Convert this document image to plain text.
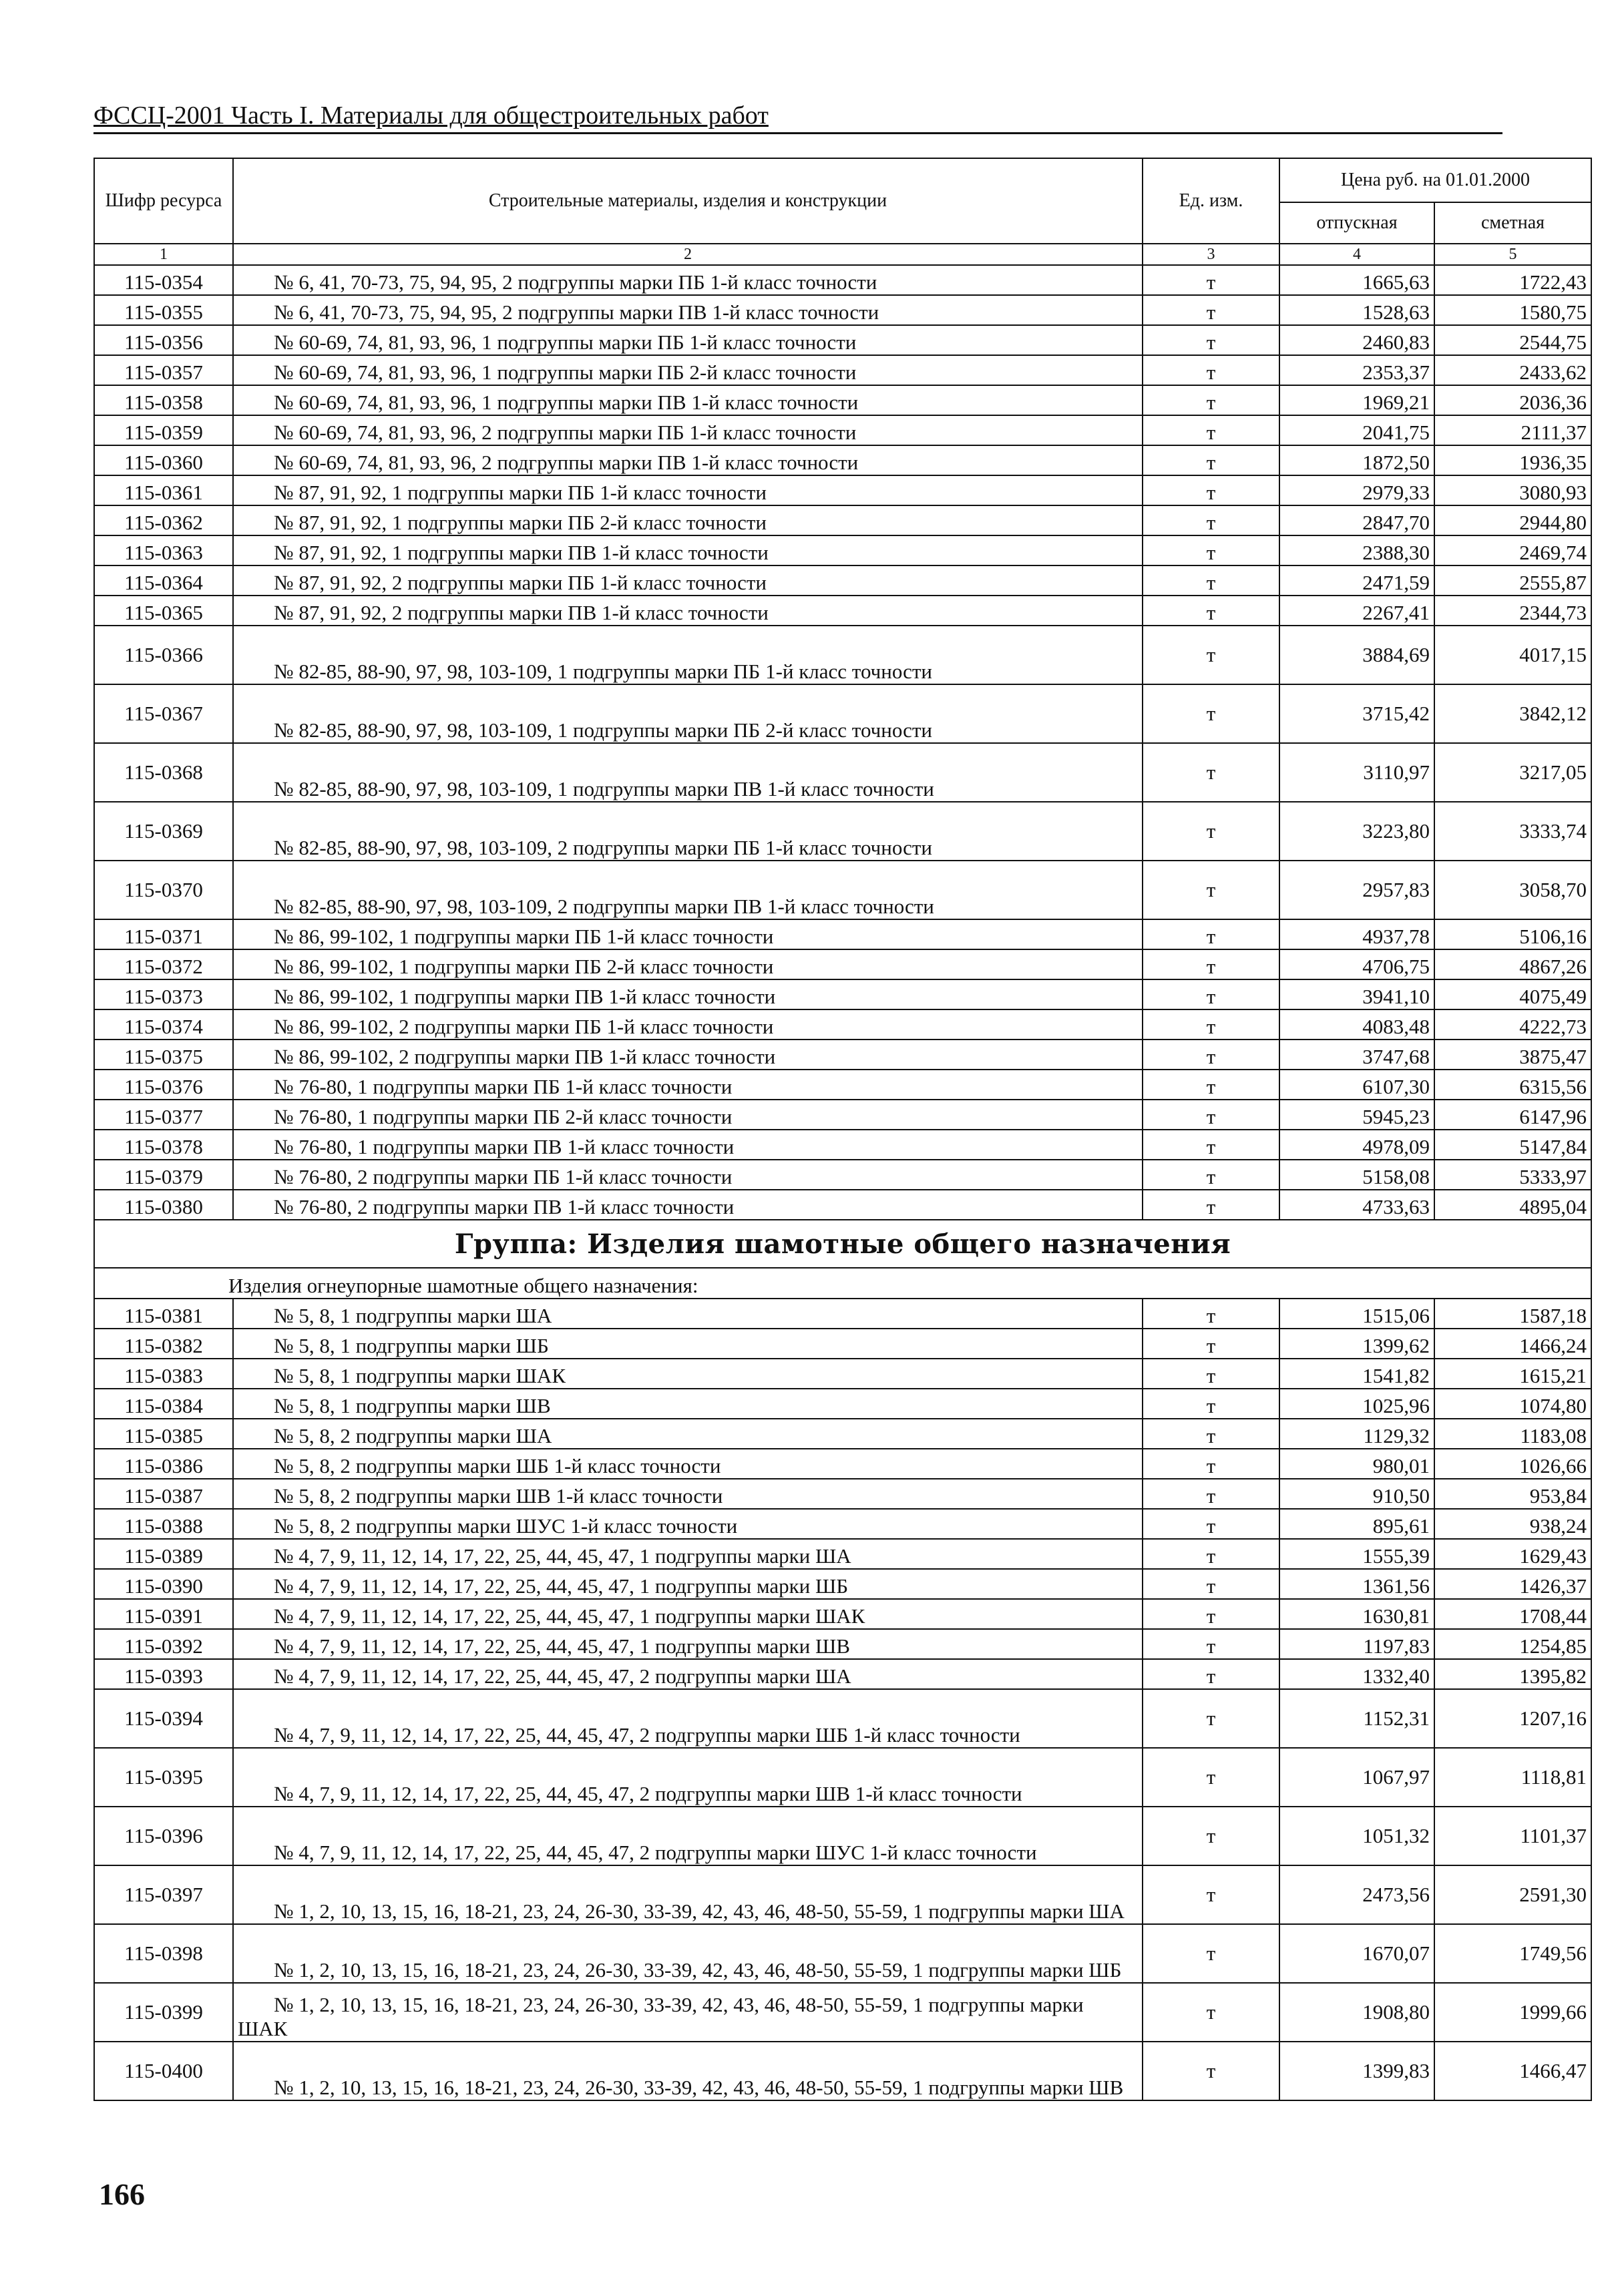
ФССЦ-2001 Часть I. Материалы для общестроительных работ
Шифр ресурса	Строительные материалы, изделия и конструкции	Ед. изм.	Цена руб. на 01.01.2000	
			отпускная	сметная
1	2	3	4	5
115-0354	№ 6, 41, 70-73, 75, 94, 95, 2 подгруппы марки ПБ 1-й класс точности	т	1665,63	1722,43
115-0355	№ 6, 41, 70-73, 75, 94, 95, 2 подгруппы марки ПВ 1-й класс точности	т	1528,63	1580,75
115-0356	№ 60-69, 74, 81, 93, 96, 1 подгруппы марки ПБ 1-й класс точности	т	2460,83	2544,75
115-0357	№ 60-69, 74, 81, 93, 96, 1 подгруппы марки ПБ 2-й класс точности	т	2353,37	2433,62
115-0358	№ 60-69, 74, 81, 93, 96, 1 подгруппы марки ПВ 1-й класс точности	т	1969,21	2036,36
115-0359	№ 60-69, 74, 81, 93, 96, 2 подгруппы марки ПБ 1-й класс точности	т	2041,75	2111,37
115-0360	№ 60-69, 74, 81, 93, 96, 2 подгруппы марки ПВ 1-й класс точности	т	1872,50	1936,35
115-0361	№ 87, 91, 92, 1 подгруппы марки ПБ 1-й класс точности	т	2979,33	3080,93
115-0362	№ 87, 91, 92, 1 подгруппы марки ПБ 2-й класс точности	т	2847,70	2944,80
115-0363	№ 87, 91, 92, 1 подгруппы марки ПВ 1-й класс точности	т	2388,30	2469,74
115-0364	№ 87, 91, 92, 2 подгруппы марки ПБ 1-й класс точности	т	2471,59	2555,87
115-0365	№ 87, 91, 92, 2 подгруппы марки ПВ 1-й класс точности	т	2267,41	2344,73
115-0366	№ 82-85, 88-90, 97, 98, 103-109, 1 подгруппы марки ПБ 1-й класс точности	т	3884,69	4017,15
115-0367	№ 82-85, 88-90, 97, 98, 103-109, 1 подгруппы марки ПБ 2-й класс точности	т	3715,42	3842,12
115-0368	№ 82-85, 88-90, 97, 98, 103-109, 1 подгруппы марки ПВ 1-й класс точности	т	3110,97	3217,05
115-0369	№ 82-85, 88-90, 97, 98, 103-109, 2 подгруппы марки ПБ 1-й класс точности	т	3223,80	3333,74
115-0370	№ 82-85, 88-90, 97, 98, 103-109, 2 подгруппы марки ПВ 1-й класс точности	т	2957,83	3058,70
115-0371	№ 86, 99-102, 1 подгруппы марки ПБ 1-й класс точности	т	4937,78	5106,16
115-0372	№ 86, 99-102, 1 подгруппы марки ПБ 2-й класс точности	т	4706,75	4867,26
115-0373	№ 86, 99-102, 1 подгруппы марки ПВ 1-й класс точности	т	3941,10	4075,49
115-0374	№ 86, 99-102, 2 подгруппы марки ПБ 1-й класс точности	т	4083,48	4222,73
115-0375	№ 86, 99-102, 2 подгруппы марки ПВ 1-й класс точности	т	3747,68	3875,47
115-0376	№ 76-80, 1 подгруппы марки ПБ 1-й класс точности	т	6107,30	6315,56
115-0377	№ 76-80, 1 подгруппы марки ПБ 2-й класс точности	т	5945,23	6147,96
115-0378	№ 76-80, 1 подгруппы марки ПВ 1-й класс точности	т	4978,09	5147,84
115-0379	№ 76-80, 2 подгруппы марки ПБ 1-й класс точности	т	5158,08	5333,97
115-0380	№ 76-80, 2 подгруппы марки ПВ 1-й класс точности	т	4733,63	4895,04
Группа: Изделия шамотные общего назначения				
Изделия огнеупорные шамотные общего назначения:				
115-0381	№ 5, 8, 1 подгруппы марки ША	т	1515,06	1587,18
115-0382	№ 5, 8, 1 подгруппы марки ШБ	т	1399,62	1466,24
115-0383	№ 5, 8, 1 подгруппы марки ШАК	т	1541,82	1615,21
115-0384	№ 5, 8, 1 подгруппы марки ШВ	т	1025,96	1074,80
115-0385	№ 5, 8, 2 подгруппы марки ША	т	1129,32	1183,08
115-0386	№ 5, 8, 2 подгруппы марки ШБ 1-й класс точности	т	980,01	1026,66
115-0387	№ 5, 8, 2 подгруппы марки ШВ 1-й класс точности	т	910,50	953,84
115-0388	№ 5, 8, 2 подгруппы марки ШУС 1-й класс точности	т	895,61	938,24
115-0389	№ 4, 7, 9, 11, 12, 14, 17, 22, 25, 44, 45, 47, 1 подгруппы марки ША	т	1555,39	1629,43
115-0390	№ 4, 7, 9, 11, 12, 14, 17, 22, 25, 44, 45, 47, 1 подгруппы марки ШБ	т	1361,56	1426,37
115-0391	№ 4, 7, 9, 11, 12, 14, 17, 22, 25, 44, 45, 47, 1 подгруппы марки ШАК	т	1630,81	1708,44
115-0392	№ 4, 7, 9, 11, 12, 14, 17, 22, 25, 44, 45, 47, 1 подгруппы марки ШВ	т	1197,83	1254,85
115-0393	№ 4, 7, 9, 11, 12, 14, 17, 22, 25, 44, 45, 47, 2 подгруппы марки ША	т	1332,40	1395,82
115-0394	№ 4, 7, 9, 11, 12, 14, 17, 22, 25, 44, 45, 47, 2 подгруппы марки ШБ 1-й класс точности	т	1152,31	1207,16
115-0395	№ 4, 7, 9, 11, 12, 14, 17, 22, 25, 44, 45, 47, 2 подгруппы марки ШВ 1-й класс точности	т	1067,97	1118,81
115-0396	№ 4, 7, 9, 11, 12, 14, 17, 22, 25, 44, 45, 47, 2 подгруппы марки ШУС 1-й класс точности	т	1051,32	1101,37
115-0397	№ 1, 2, 10, 13, 15, 16, 18-21, 23, 24, 26-30, 33-39, 42, 43, 46, 48-50, 55-59, 1 подгруппы марки ША	т	2473,56	2591,30
115-0398	№ 1, 2, 10, 13, 15, 16, 18-21, 23, 24, 26-30, 33-39, 42, 43, 46, 48-50, 55-59, 1 подгруппы марки ШБ	т	1670,07	1749,56
115-0399	№ 1, 2, 10, 13, 15, 16, 18-21, 23, 24, 26-30, 33-39, 42, 43, 46, 48-50, 55-59, 1 подгруппы марки ШАК	т	1908,80	1999,66
115-0400	№ 1, 2, 10, 13, 15, 16, 18-21, 23, 24, 26-30, 33-39, 42, 43, 46, 48-50, 55-59, 1 подгруппы марки ШВ	т	1399,83	1466,47
166
